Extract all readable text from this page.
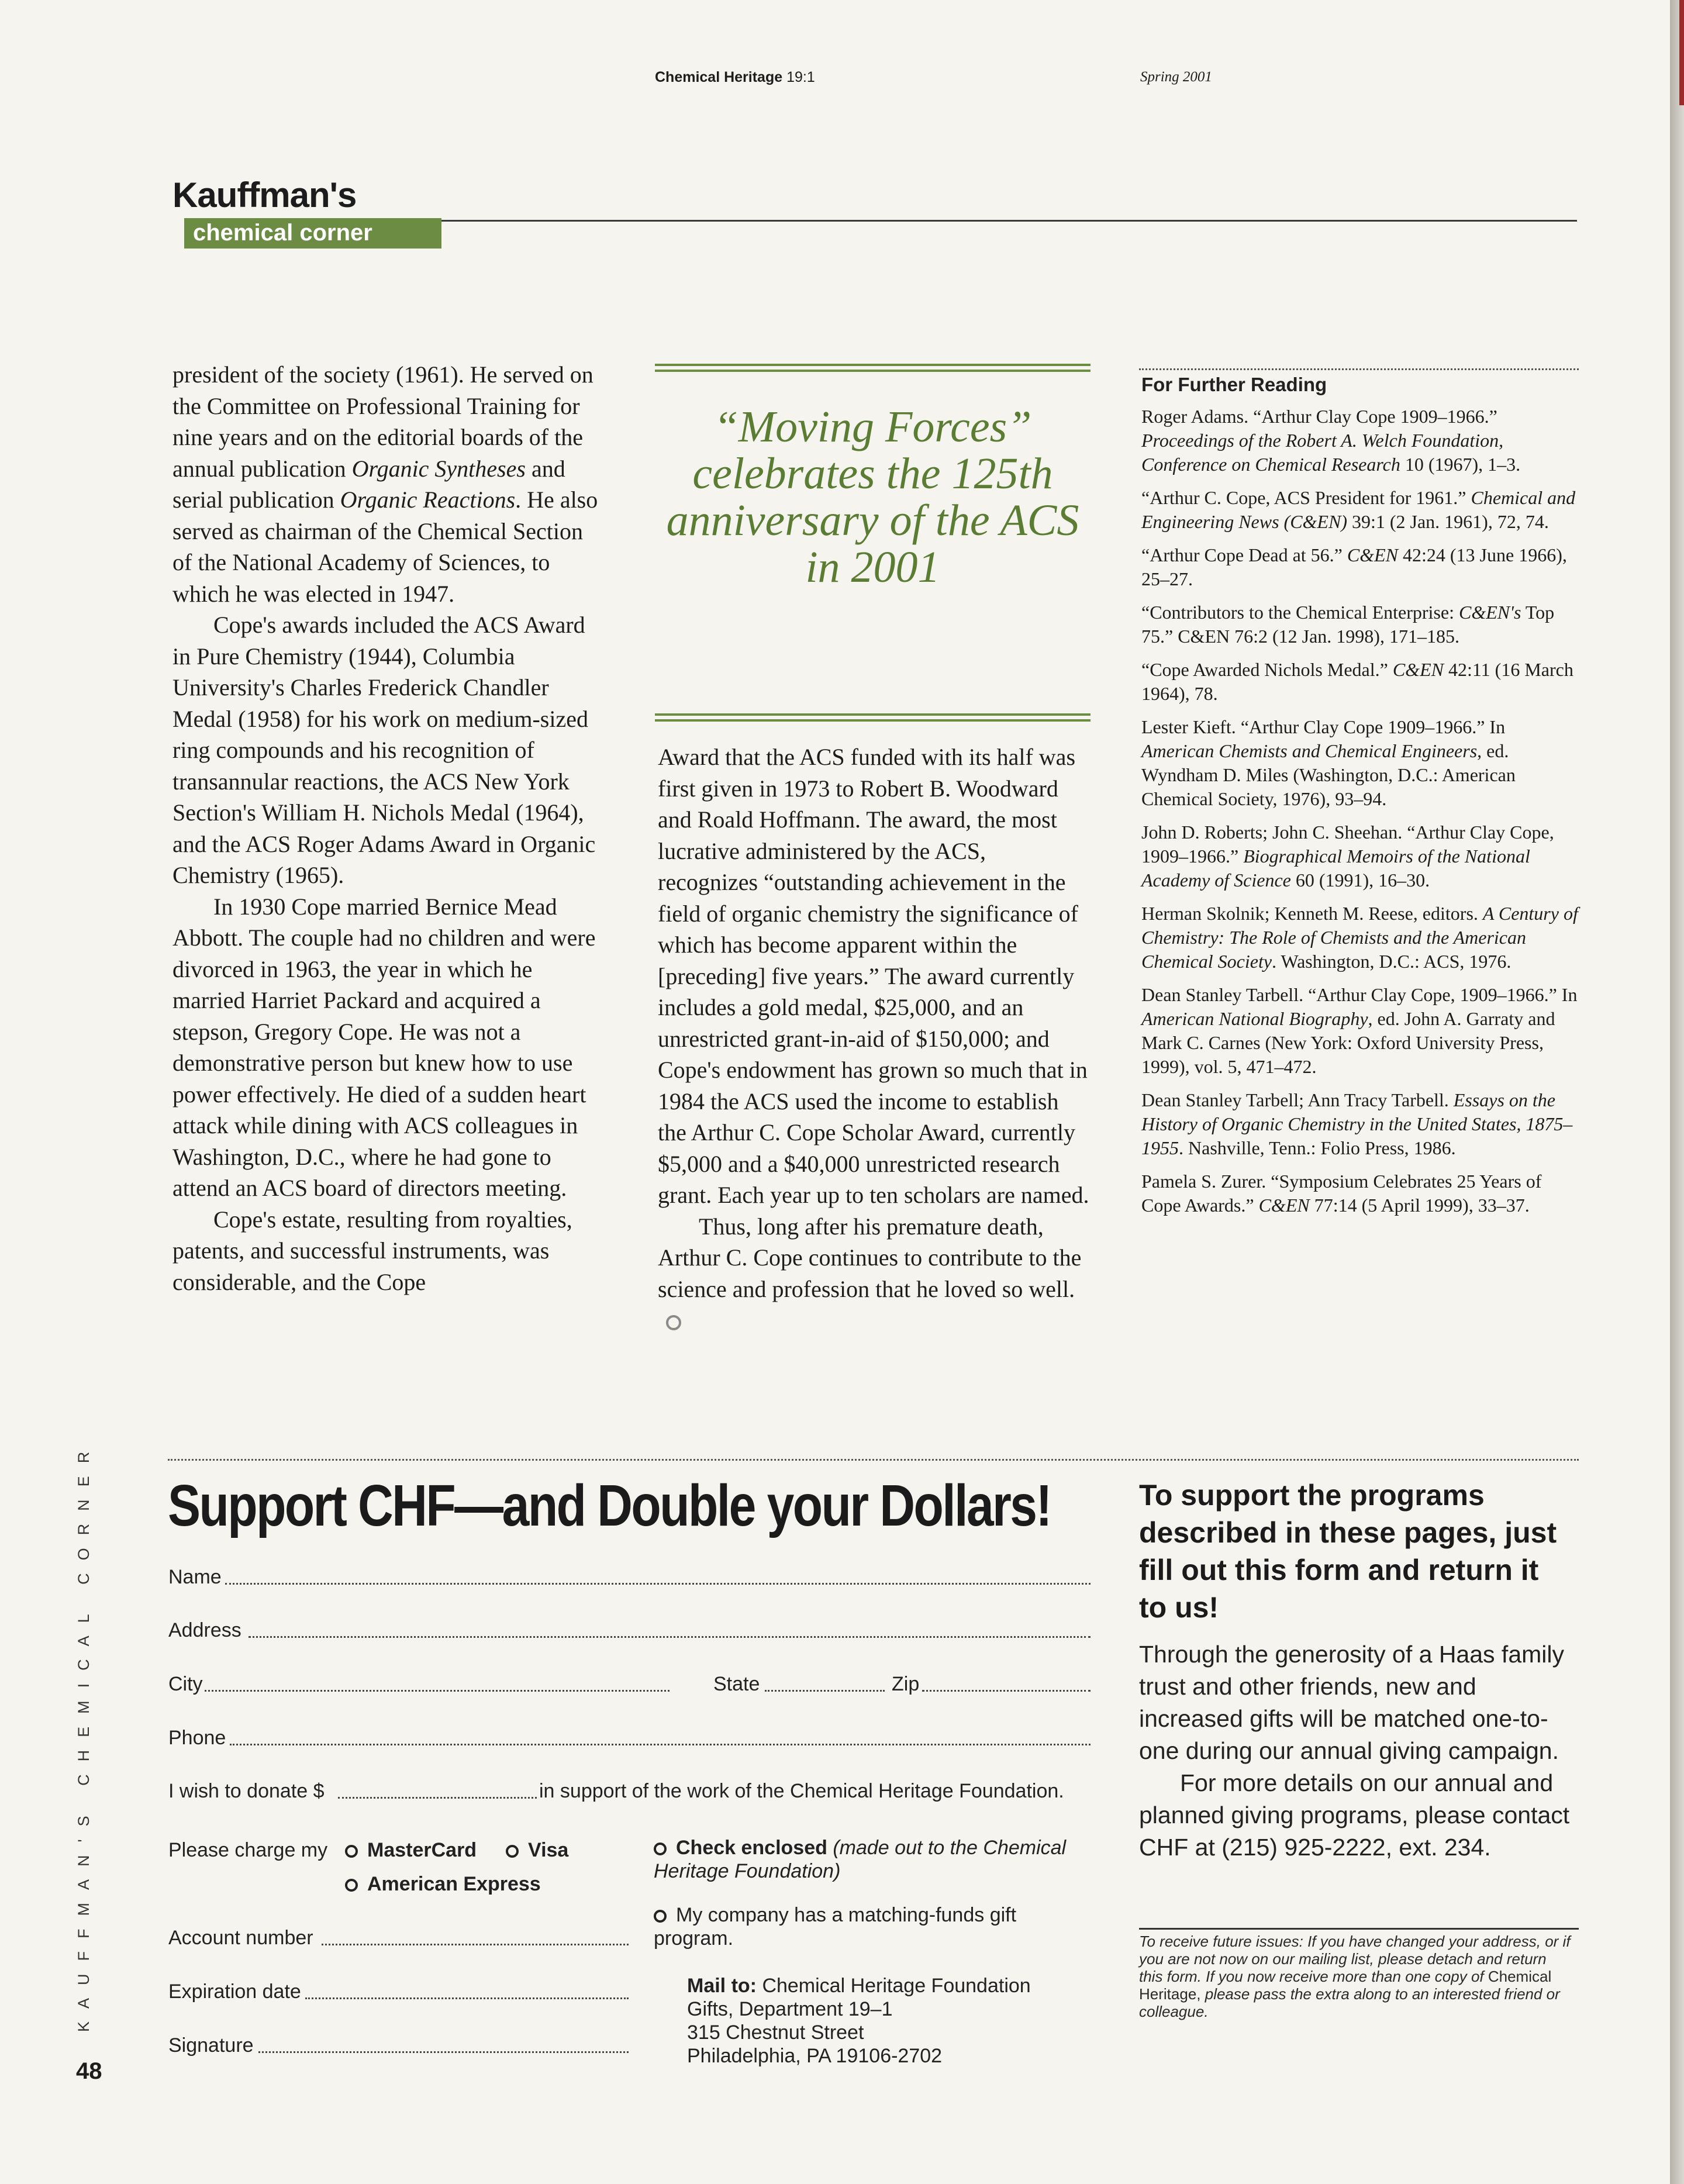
Chemical Heritage 19:1	Spring 2001
Kauffman's
chemical corner
president of the society (1961). He served on the Committee on Professional Training for nine years and on the editorial boards of the annual publication Organic Syntheses and serial publication Organic Reactions. He also served as chairman of the Chemical Section of the National Academy of Sciences, to which he was elected in 1947.
Cope's awards included the ACS Award in Pure Chemistry (1944), Columbia University's Charles Frederick Chandler Medal (1958) for his work on medium-sized ring compounds and his recognition of transannular reactions, the ACS New York Section's William H. Nichols Medal (1964), and the ACS Roger Adams Award in Organic Chemistry (1965).
In 1930 Cope married Bernice Mead Abbott. The couple had no children and were divorced in 1963, the year in which he married Harriet Packard and acquired a stepson, Gregory Cope. He was not a demonstrative person but knew how to use power effectively. He died of a sudden heart attack while dining with ACS colleagues in Washington, D.C., where he had gone to attend an ACS board of directors meeting.
Cope's estate, resulting from royalties, patents, and successful instruments, was considerable, and the Cope
“Moving Forces” celebrates the 125th anniversary of the ACS in 2001
Award that the ACS funded with its half was first given in 1973 to Robert B. Woodward and Roald Hoffmann. The award, the most lucrative administered by the ACS, recognizes “outstanding achievement in the field of organic chemistry the significance of which has become apparent within the [preceding] five years.” The award currently includes a gold medal, $25,000, and an unrestricted grant-in-aid of $150,000; and Cope's endowment has grown so much that in 1984 the ACS used the income to establish the Arthur C. Cope Scholar Award, currently $5,000 and a $40,000 unrestricted research grant. Each year up to ten scholars are named.
Thus, long after his premature death, Arthur C. Cope continues to contribute to the science and profession that he loved so well.
For Further Reading
Roger Adams. “Arthur Clay Cope 1909–1966.” Proceedings of the Robert A. Welch Foundation, Conference on Chemical Research 10 (1967), 1–3.
“Arthur C. Cope, ACS President for 1961.” Chemical and Engineering News (C&EN) 39:1 (2 Jan. 1961), 72, 74.
“Arthur Cope Dead at 56.” C&EN 42:24 (13 June 1966), 25–27.
“Contributors to the Chemical Enterprise: C&EN's Top 75.” C&EN 76:2 (12 Jan. 1998), 171–185.
“Cope Awarded Nichols Medal.” C&EN 42:11 (16 March 1964), 78.
Lester Kieft. “Arthur Clay Cope 1909–1966.” In American Chemists and Chemical Engineers, ed. Wyndham D. Miles (Washington, D.C.: American Chemical Society, 1976), 93–94.
John D. Roberts; John C. Sheehan. “Arthur Clay Cope, 1909–1966.” Biographical Memoirs of the National Academy of Science 60 (1991), 16–30.
Herman Skolnik; Kenneth M. Reese, editors. A Century of Chemistry: The Role of Chemists and the American Chemical Society. Washington, D.C.: ACS, 1976.
Dean Stanley Tarbell. “Arthur Clay Cope, 1909–1966.” In American National Biography, ed. John A. Garraty and Mark C. Carnes (New York: Oxford University Press, 1999), vol. 5, 471–472.
Dean Stanley Tarbell; Ann Tracy Tarbell. Essays on the History of Organic Chemistry in the United States, 1875–1955. Nashville, Tenn.: Folio Press, 1986.
Pamela S. Zurer. “Symposium Celebrates 25 Years of Cope Awards.” C&EN 77:14 (5 April 1999), 33–37.
KAUFFMAN'S CHEMICAL CORNER
48
Support CHF—and Double your Dollars!
Name
Address
City	State	Zip
Phone
I wish to donate $	in support of the work of the Chemical Heritage Foundation.
Please charge my	MasterCard	Visa
American Express
Account number
Expiration date
Signature
Check enclosed (made out to the Chemical Heritage Foundation)
My company has a matching-funds gift program.
Mail to: Chemical Heritage Foundation
Gifts, Department 19–1
315 Chestnut Street
Philadelphia, PA 19106-2702
To support the programs described in these pages, just fill out this form and return it to us!
Through the generosity of a Haas family trust and other friends, new and increased gifts will be matched one-to-one during our annual giving campaign.
For more details on our annual and planned giving programs, please contact CHF at (215) 925-2222, ext. 234.
To receive future issues: If you have changed your address, or if you are not now on our mailing list, please detach and return this form. If you now receive more than one copy of Chemical Heritage, please pass the extra along to an interested friend or colleague.
